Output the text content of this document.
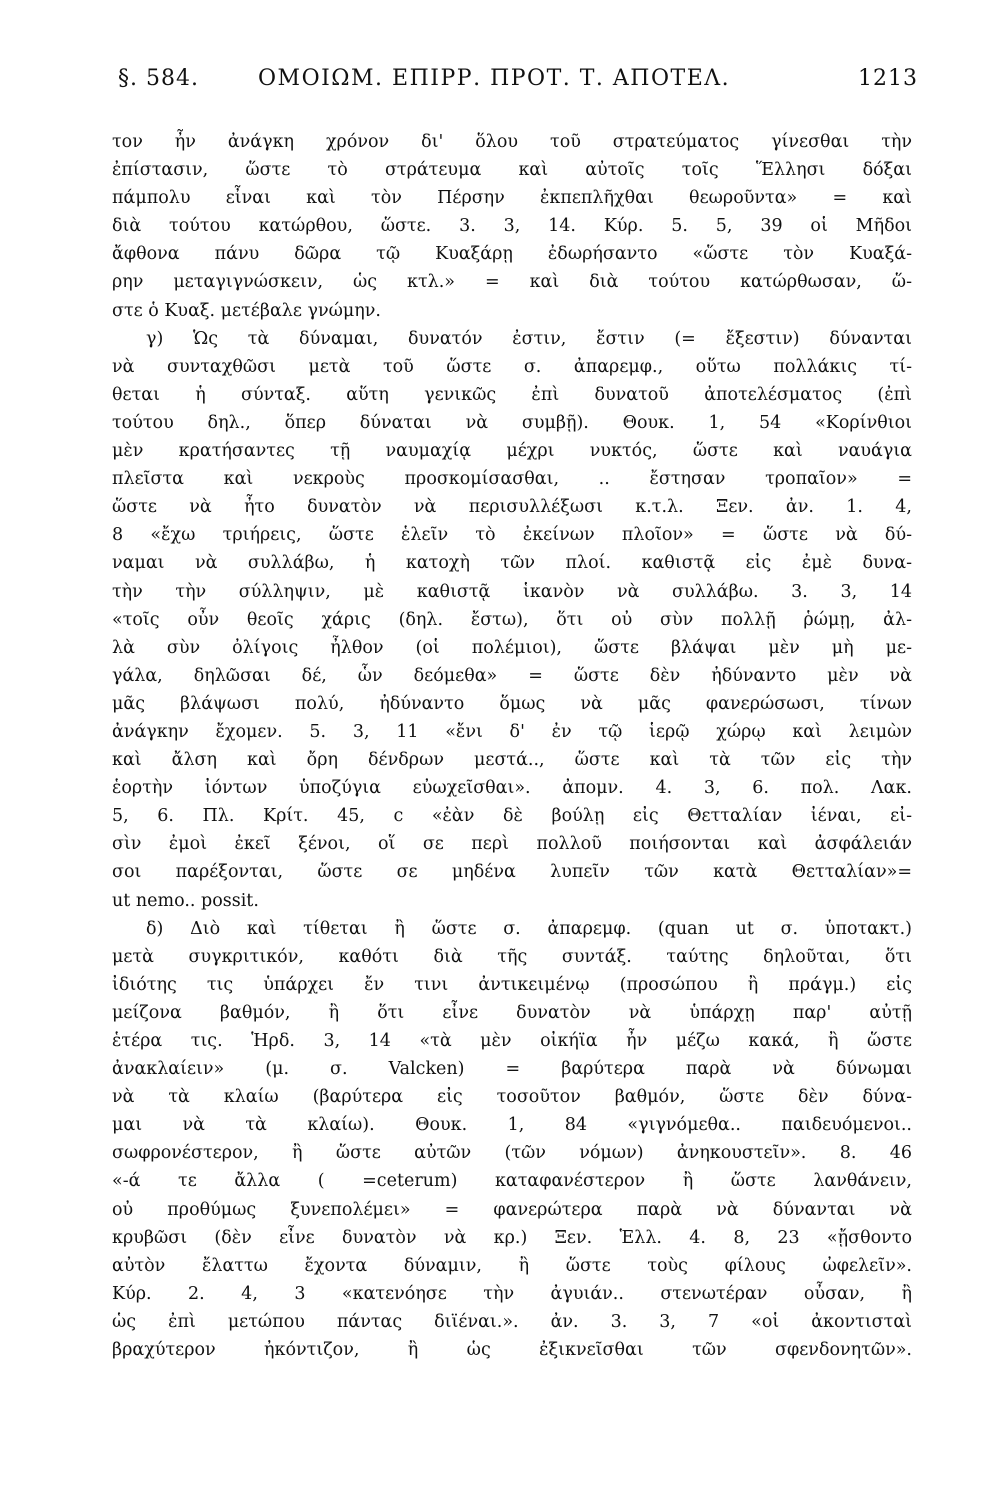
§. 584.	ΟΜΟΙΩΜ. ΕΠΙΡΡ. ΠΡΟΤ. Τ. ΑΠΟΤΕΛ.	1213
τον ἦν ἀνάγκη χρόνον δι' ὅλου τοῦ στρατεύματος γίνεσθαι τὴν
ἐπίστασιν, ὥστε τὸ στράτευμα καὶ αὐτοῖς τοῖς Ἕλλησι δόξαι
πάμπολυ εἶναι καὶ τὸν Πέρσην ἐκπεπλῆχθαι θεωροῦντα» = καὶ
διὰ τούτου κατώρθου, ὥστε. 3. 3, 14. Κύρ. 5. 5, 39 οἱ Μῆδοι
ἄφθονα πάνυ δῶρα τῷ Κυαξάρῃ ἐδωρήσαντο «ὥστε τὸν Κυαξά-
ρην μεταγιγνώσκειν, ὡς κτλ.» = καὶ διὰ τούτου κατώρθωσαν, ὥ-
στε ὁ Κυαξ. μετέβαλε γνώμην.
γ) Ὡς τὰ δύναμαι, δυνατόν ἐστιν, ἔστιν (= ἔξεστιν) δύνανται
νὰ συνταχθῶσι μετὰ τοῦ ὥστε σ. ἀπαρεμφ., οὕτω πολλάκις τί-
θεται ἡ σύνταξ. αὕτη γενικῶς ἐπὶ δυνατοῦ ἀποτελέσματος (ἐπὶ
τούτου δηλ., ὅπερ δύναται νὰ συμβῇ). Θουκ. 1, 54 «Κορίνθιοι
μὲν κρατήσαντες τῇ ναυμαχίᾳ μέχρι νυκτός, ὥστε καὶ ναυάγια
πλεῖστα καὶ νεκροὺς προσκομίσασθαι, .. ἔστησαν τροπαῖον» =
ὥστε νὰ ἦτο δυνατὸν νὰ περισυλλέξωσι κ.τ.λ. Ξεν. ἀν. 1. 4,
8 «ἔχω τριήρεις, ὥστε ἑλεῖν τὸ ἐκείνων πλοῖον» = ὥστε νὰ δύ-
ναμαι νὰ συλλάβω, ἡ κατοχὴ τῶν πλοί. καθιστᾷ εἰς ἐμὲ δυνα-
τὴν τὴν σύλληψιν, μὲ καθιστᾷ ἱκανὸν νὰ συλλάβω. 3. 3, 14
«τοῖς οὖν θεοῖς χάρις (δηλ. ἔστω), ὅτι οὐ σὺν πολλῇ ῥώμῃ, ἀλ-
λὰ σὺν ὀλίγοις ἦλθον (οἱ πολέμιοι), ὥστε βλάψαι μὲν μὴ με-
γάλα, δηλῶσαι δέ, ὧν δεόμεθα» = ὥστε δὲν ἠδύναντο μὲν νὰ
μᾶς βλάψωσι πολύ, ἠδύναντο ὅμως νὰ μᾶς φανερώσωσι, τίνων
ἀνάγκην ἔχομεν. 5. 3, 11 «ἔνι δ' ἐν τῷ ἱερῷ χώρῳ καὶ λειμὼν
καὶ ἄλση καὶ ὄρη δένδρων μεστά.., ὥστε καὶ τὰ τῶν εἰς τὴν
ἑορτὴν ἰόντων ὑποζύγια εὐωχεῖσθαι». ἀπομν. 4. 3, 6. πολ. Λακ.
5, 6. Πλ. Κρίτ. 45, c «ἐὰν δὲ βούλῃ εἰς Θετταλίαν ἰέναι, εἰ-
σὶν ἐμοὶ ἐκεῖ ξένοι, οἵ σε περὶ πολλοῦ ποιήσονται καὶ ἀσφάλειάν
σοι παρέξονται, ὥστε σε μηδένα λυπεῖν τῶν κατὰ Θετταλίαν»=
ut nemo.. possit.
δ) Διὸ καὶ τίθεται ἢ ὥστε σ. ἀπαρεμφ. (quan ut σ. ὑποτακτ.)
μετὰ συγκριτικόν, καθότι διὰ τῆς συντάξ. ταύτης δηλοῦται, ὅτι
ἰδιότης τις ὑπάρχει ἔν τινι ἀντικειμένῳ (προσώπου ἢ πράγμ.) εἰς
μείζονα βαθμόν, ἢ ὅτι εἶνε δυνατὸν νὰ ὑπάρχῃ παρ' αὐτῇ
ἑτέρα τις. Ἡρδ. 3, 14 «τὰ μὲν οἰκήϊα ἦν μέζω κακά, ἢ ὥστε
ἀνακλαίειν» (μ. σ. Valcken) = βαρύτερα παρὰ νὰ δύνωμαι
νὰ τὰ κλαίω (βαρύτερα εἰς τοσοῦτον βαθμόν, ὥστε δὲν δύνα-
μαι νὰ τὰ κλαίω). Θουκ. 1, 84 «γιγνόμεθα.. παιδευόμενοι..
σωφρονέστερον, ἢ ὥστε αὐτῶν (τῶν νόμων) ἀνηκουστεῖν». 8. 46
«-ά τε ἄλλα ( =ceterum) καταφανέστερον ἢ ὥστε λανθάνειν,
οὐ προθύμως ξυνεπολέμει» = φανερώτερα παρὰ νὰ δύνανται νὰ
κρυβῶσι (δὲν εἶνε δυνατὸν νὰ κρ.) Ξεν. Ἑλλ. 4. 8, 23 «ᾔσθοντο
αὐτὸν ἔλαττω ἔχοντα δύναμιν, ἢ ὥστε τοὺς φίλους ὠφελεῖν».
Κύρ. 2. 4, 3 «κατενόησε τὴν ἀγυιάν.. στενωτέραν οὖσαν, ἢ
ὡς ἐπὶ μετώπου πάντας διϊέναι.». ἀν. 3. 3, 7 «οἱ ἀκοντισταὶ
βραχύτερον ἠκόντιζον, ἢ ὡς ἐξικνεῖσθαι τῶν σφενδονητῶν».
